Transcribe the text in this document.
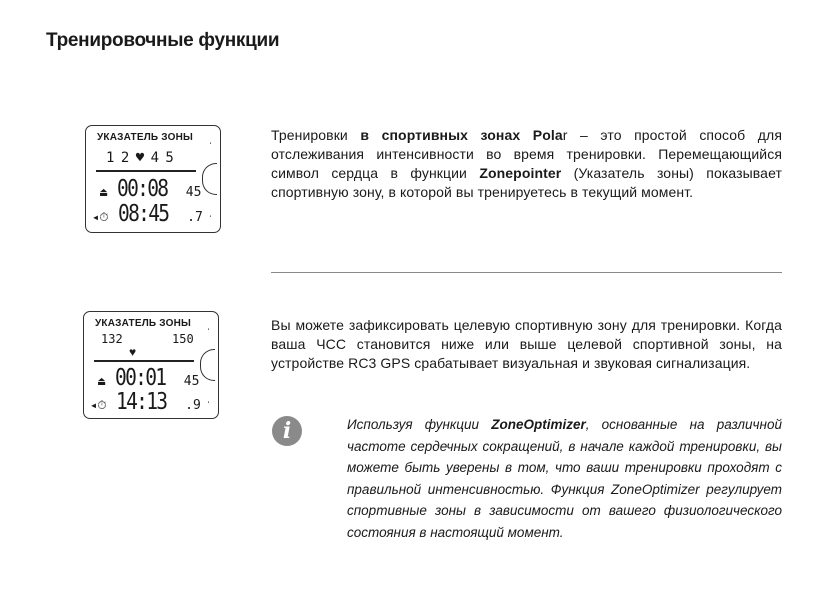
Тренировочные функции
УКАЗАТЕЛЬ ЗОНЫ ˌ
ˈ
1 2 ♥ 4 5
⏏ 00:08 45
◂⏱ 08:45 .7
Тренировки в спортивных зонах Polar – это простой способ для отслеживания интенсивности во время тренировки. Перемещающийся символ сердца в функции Zonepointer (Указатель зоны) показывает спортивную зону, в которой вы тренируетесь в текущий момент.
УКАЗАТЕЛЬ ЗОНЫ ˌ
ˈ
132	150
♥
⏏ 00:01 45
◂⏱ 14:13 .9
Вы можете зафиксировать целевую спортивную зону для тренировки. Когда ваша ЧСС становится ниже или выше целевой спортивной зоны, на устройстве RC3 GPS срабатывает визуальная и звуковая сигнализация.
i	Используя функции ZoneOptimizer, основанные на различной частоте сердечных сокращений, в начале каждой тренировки, вы можете быть уверены в том, что ваши тренировки проходят с правильной интенсивностью. Функция ZoneOptimizer регулирует спортивные зоны в зависимости от вашего физиологического состояния в настоящий момент.
